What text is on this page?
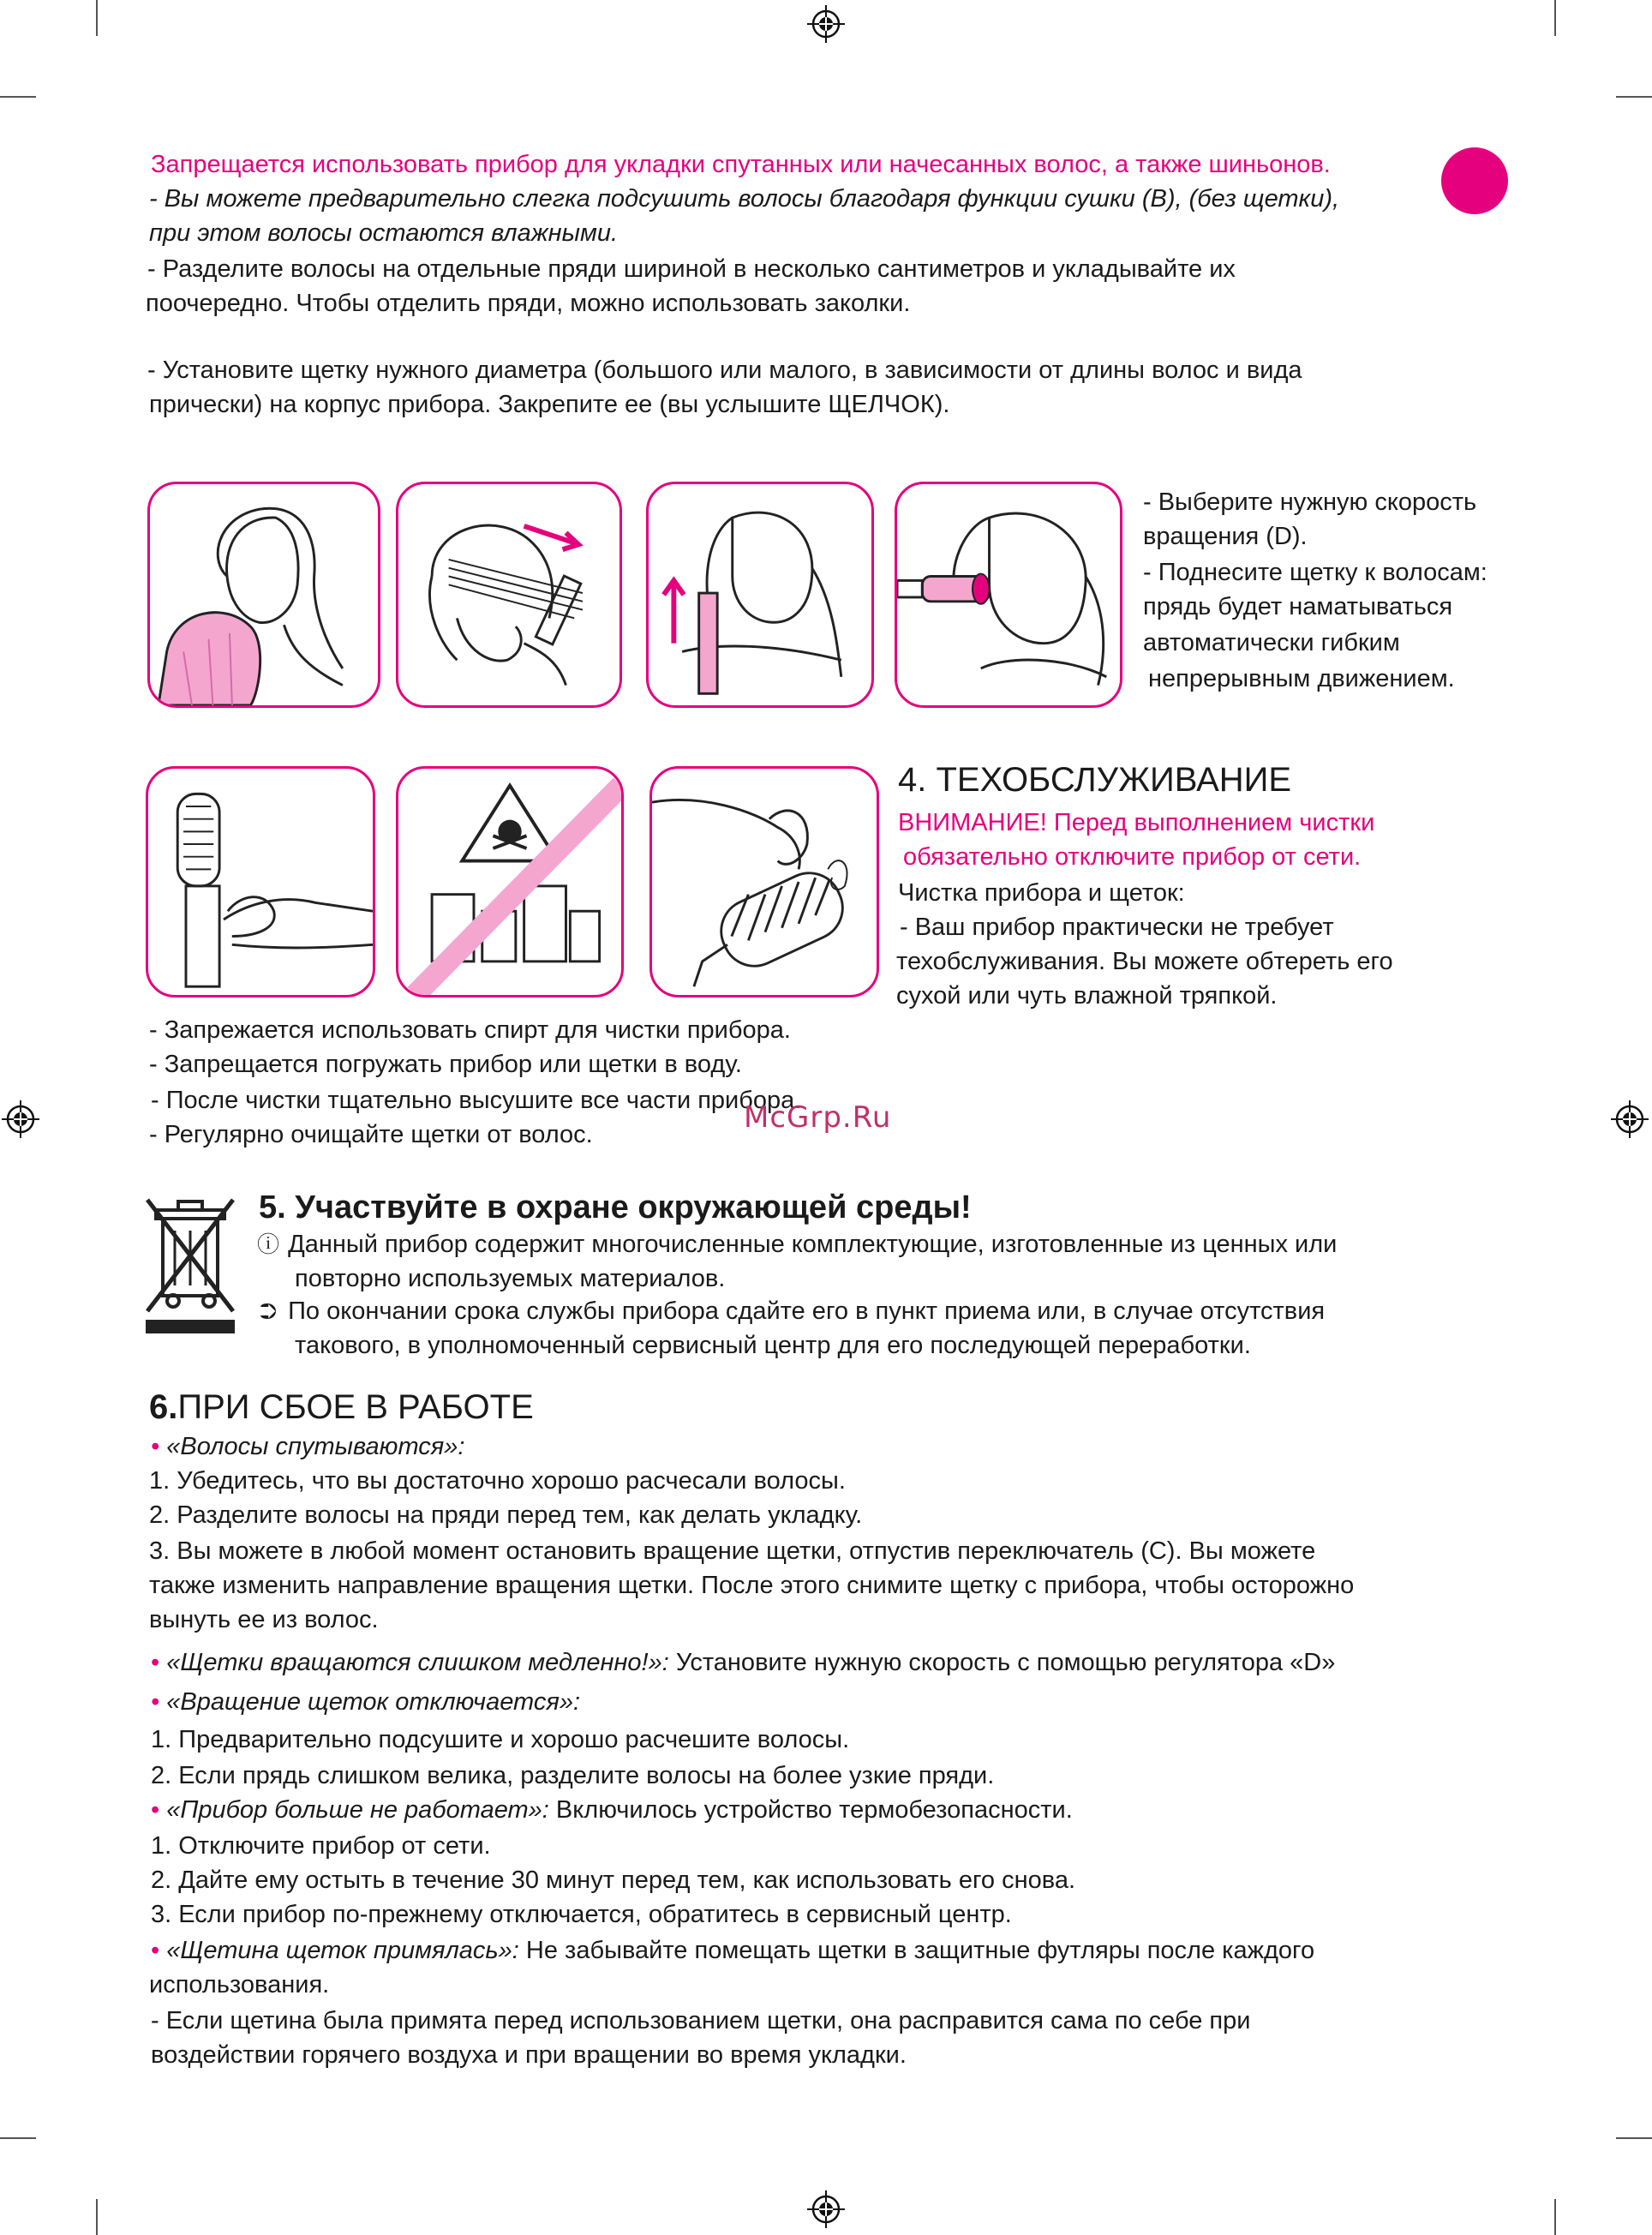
Запрещается использовать прибор для укладки спутанных или начесанных волос, а также шиньонов.
- Вы можете предварительно слегка подсушить волосы благодаря функции сушки (B), (без щетки),
при этом волосы остаются влажными.
- Разделите волосы на отдельные пряди шириной в несколько сантиметров и укладывайте их
поочередно. Чтобы отделить пряди, можно использовать заколки.
- Установите щетку нужного диаметра (большого или малого, в зависимости от длины волос и вида
прически) на корпус прибора. Закрепите ее (вы услышите ЩЕЛЧОК).
- Выберите нужную скорость
вращения (D).
- Поднесите щетку к волосам:
прядь будет наматываться
автоматически гибким
непрерывным движением.
4. ТЕХОБСЛУЖИВАНИЕ
ВНИМАНИЕ! Перед выполнением чистки
обязательно отключите прибор от сети.
Чистка прибора и щеток:
- Ваш прибор практически не требует
техобслуживания. Вы можете обтереть его
сухой или чуть влажной тряпкой.
- Запрежается использовать спирт для чистки прибора.
- Запрещается погружать прибор или щетки в воду.
- После чистки тщательно высушите все части прибора.
- Регулярно очищайте щетки от волос.	McGrp.Ru
5. Участвуйте в охране окружающей среды!
ⓘ Данный прибор содержит многочисленные комплектующие, изготовленные из ценных или
повторно используемых материалов.
⮊ По окончании срока службы прибора сдайте его в пункт приема или, в случае отсутствия
такового, в уполномоченный сервисный центр для его последующей переработки.
6.ПРИ СБОЕ В РАБОТЕ
• «Волосы спутываются»:
1. Убедитесь, что вы достаточно хорошо расчесали волосы.
2. Разделите волосы на пряди перед тем, как делать укладку.
3. Вы можете в любой момент остановить вращение щетки, отпустив переключатель (C). Вы можете
также изменить направление вращения щетки. После этого снимите щетку с прибора, чтобы осторожно
вынуть ее из волос.
• «Щетки вращаются слишком медленно!»: Установите нужную скорость с помощью регулятора «D»
• «Вращение щеток отключается»:
1. Предварительно подсушите и хорошо расчешите волосы.
2. Если прядь слишком велика, разделите волосы на более узкие пряди.
• «Прибор больше не работает»: Включилось устройство термобезопасности.
1. Отключите прибор от сети.
2. Дайте ему остыть в течение 30 минут перед тем, как использовать его снова.
3. Если прибор по-прежнему отключается, обратитесь в сервисный центр.
• «Щетина щеток примялась»: Не забывайте помещать щетки в защитные футляры после каждого
использования.
- Если щетина была примята перед использованием щетки, она расправится сама по себе при
воздействии горячего воздуха и при вращении во время укладки.
